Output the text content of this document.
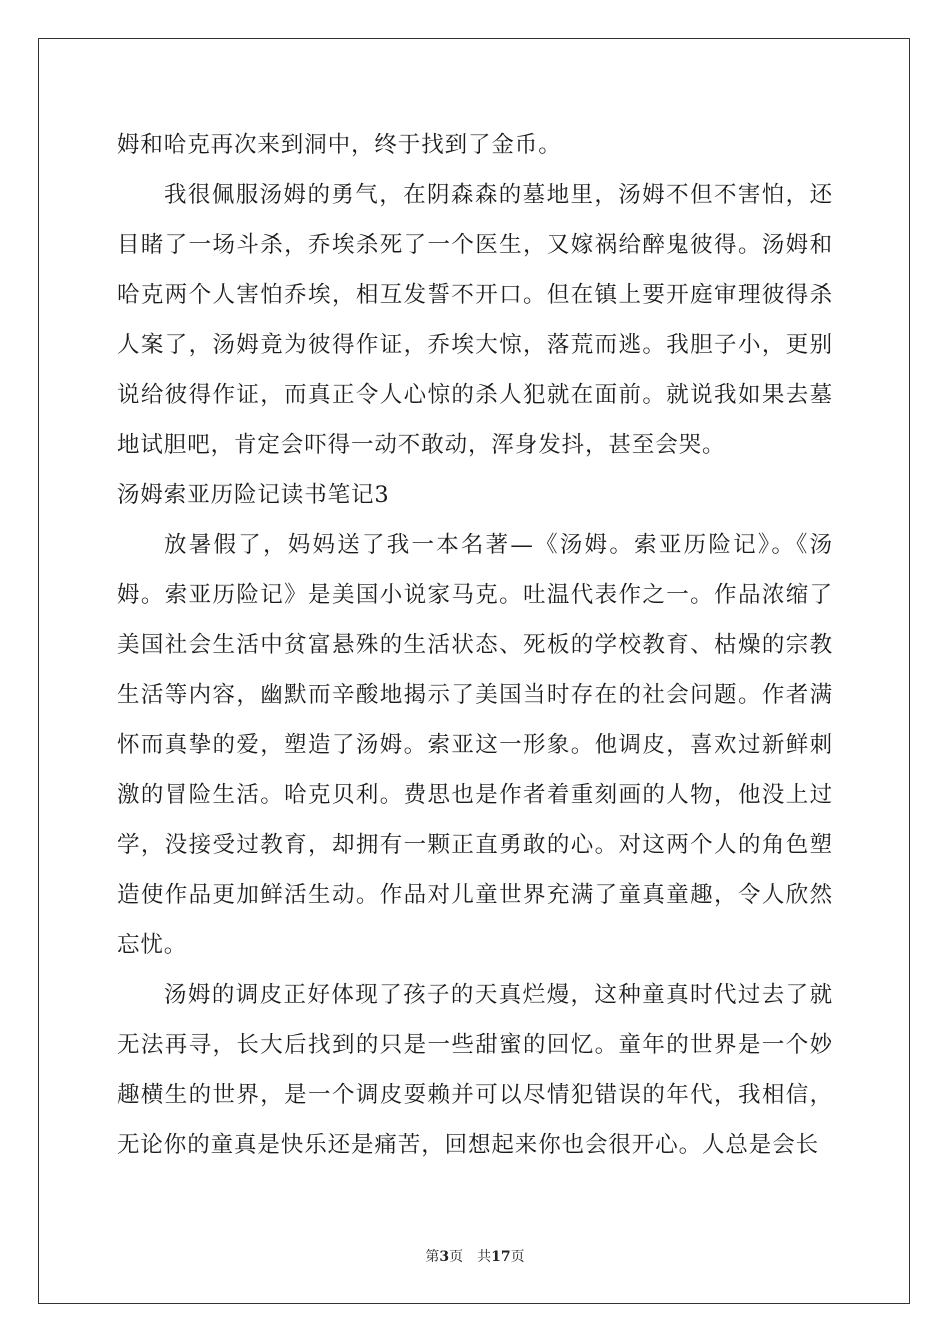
姆和哈克再次来到洞中，终于找到了金币。

我很佩服汤姆的勇气，在阴森森的墓地里，汤姆不但不害怕，还目睹了一场斗杀，乔埃杀死了一个医生，又嫁祸给醉鬼彼得。汤姆和哈克两个人害怕乔埃，相互发誓不开口。但在镇上要开庭审理彼得杀人案了，汤姆竟为彼得作证，乔埃大惊，落荒而逃。我胆子小，更别说给彼得作证，而真正令人心惊的杀人犯就在面前。就说我如果去墓地试胆吧，肯定会吓得一动不敢动，浑身发抖，甚至会哭。

汤姆索亚历险记读书笔记3

放暑假了，妈妈送了我一本名著—《汤姆。索亚历险记》。《汤姆。索亚历险记》是美国小说家马克。吐温代表作之一。作品浓缩了美国社会生活中贫富悬殊的生活状态、死板的学校教育、枯燥的宗教生活等内容，幽默而辛酸地揭示了美国当时存在的社会问题。作者满怀而真挚的爱，塑造了汤姆。索亚这一形象。他调皮，喜欢过新鲜刺激的冒险生活。哈克贝利。费思也是作者着重刻画的人物，他没上过学，没接受过教育，却拥有一颗正直勇敢的心。对这两个人的角色塑造使作品更加鲜活生动。作品对儿童世界充满了童真童趣，令人欣然忘忧。

汤姆的调皮正好体现了孩子的天真烂熳，这种童真时代过去了就无法再寻，长大后找到的只是一些甜蜜的回忆。童年的世界是一个妙趣横生的世界，是一个调皮耍赖并可以尽情犯错误的年代，我相信，无论你的童真是快乐还是痛苦，回想起来你也会很开心。人总是会长

第3页 共17页
